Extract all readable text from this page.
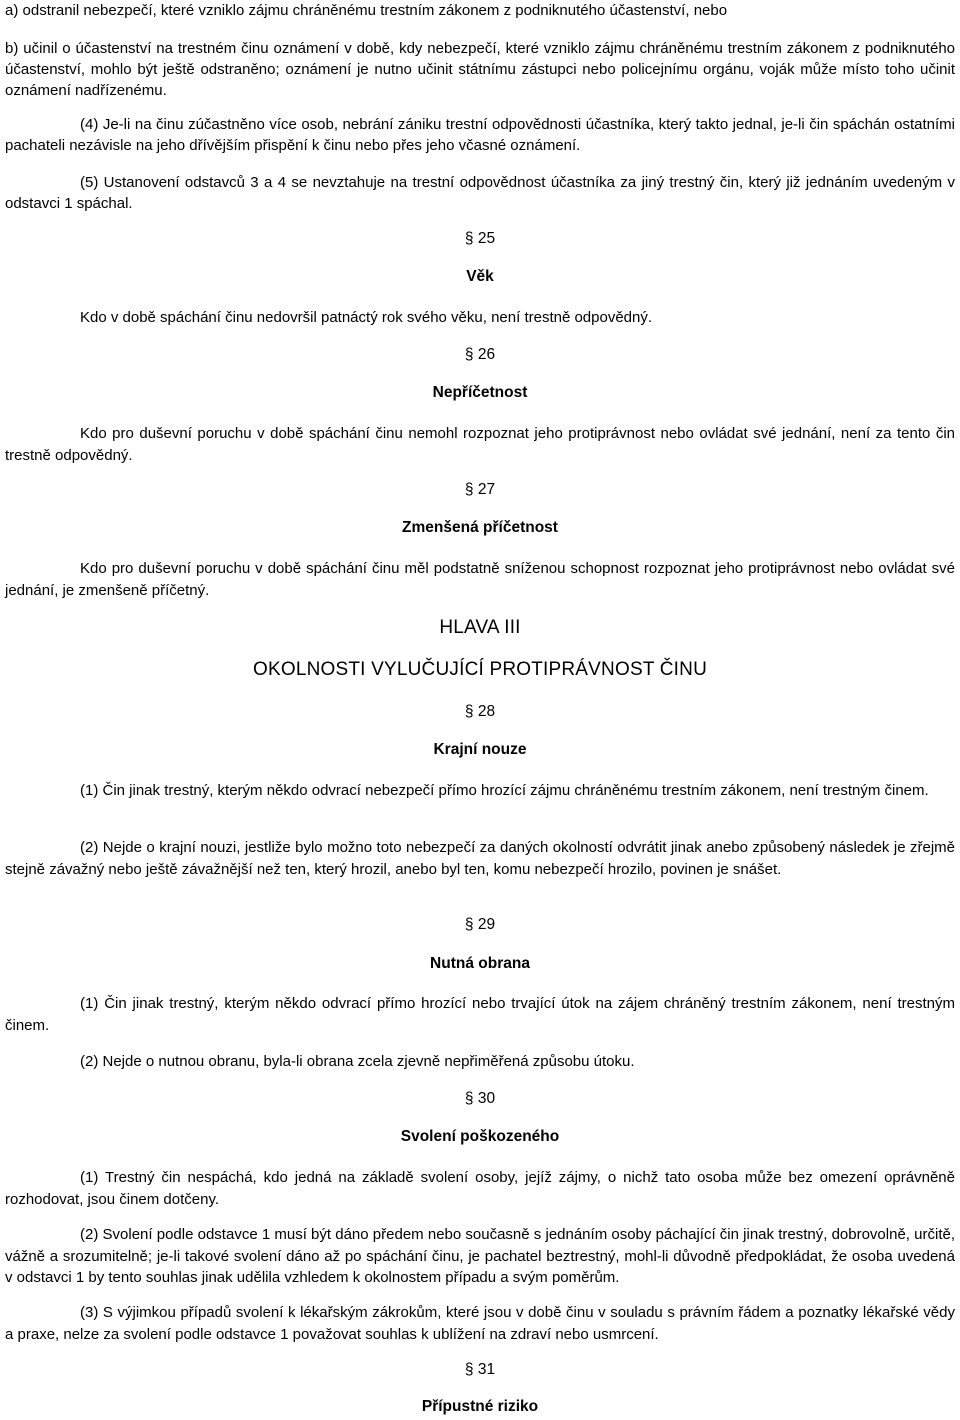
a) odstranil nebezpečí, které vzniklo zájmu chráněnému trestním zákonem z podniknutého účastenství, nebo

b) učinil o účastenství na trestném činu oznámení v době, kdy nebezpečí, které vzniklo zájmu chráněnému trestním zákonem z podniknutého účastenství, mohlo být ještě odstraněno; oznámení je nutno učinit státnímu zástupci nebo policejnímu orgánu, voják může místo toho učinit oznámení nadřízenému.

(4) Je-li na činu zúčastněno více osob, nebrání zániku trestní odpovědnosti účastníka, který takto jednal, je-li čin spáchán ostatními pachateli nezávisle na jeho dřívějším přispění k činu nebo přes jeho včasné oznámení.

(5) Ustanovení odstavců 3 a 4 se nevztahuje na trestní odpovědnost účastníka za jiný trestný čin, který již jednáním uvedeným v odstavci 1 spáchal.

§ 25

Věk

Kdo v době spáchání činu nedovršil patnáctý rok svého věku, není trestně odpovědný.

§ 26

Nepříčetnost

Kdo pro duševní poruchu v době spáchání činu nemohl rozpoznat jeho protiprávnost nebo ovládat své jednání, není za tento čin trestně odpovědný.

§ 27

Zmenšená příčetnost

Kdo pro duševní poruchu v době spáchání činu měl podstatně sníženou schopnost rozpoznat jeho protiprávnost nebo ovládat své jednání, je zmenšeně příčetný.

HLAVA III

OKOLNOSTI VYLUČUJÍCÍ PROTIPRÁVNOST ČINU

§ 28

Krajní nouze

(1) Čin jinak trestný, kterým někdo odvrací nebezpečí přímo hrozící zájmu chráněnému trestním zákonem, není trestným činem.

(2) Nejde o krajní nouzi, jestliže bylo možno toto nebezpečí za daných okolností odvrátit jinak anebo způsobený následek je zřejmě stejně závažný nebo ještě závažnější než ten, který hrozil, anebo byl ten, komu nebezpečí hrozilo, povinen je snášet.

§ 29

Nutná obrana

(1) Čin jinak trestný, kterým někdo odvrací přímo hrozící nebo trvající útok na zájem chráněný trestním zákonem, není trestným činem.

(2) Nejde o nutnou obranu, byla-li obrana zcela zjevně nepřiměřená způsobu útoku.

§ 30

Svolení poškozeného

(1) Trestný čin nespáchá, kdo jedná na základě svolení osoby, jejíž zájmy, o nichž tato osoba může bez omezení oprávněně rozhodovat, jsou činem dotčeny.

(2) Svolení podle odstavce 1 musí být dáno předem nebo současně s jednáním osoby páchající čin jinak trestný, dobrovolně, určitě, vážně a srozumitelně; je-li takové svolení dáno až po spáchání činu, je pachatel beztrestný, mohl-li důvodně předpokládat, že osoba uvedená v odstavci 1 by tento souhlas jinak udělila vzhledem k okolnostem případu a svým poměrům.

(3) S výjimkou případů svolení k lékařským zákrokům, které jsou v době činu v souladu s právním řádem a poznatky lékařské vědy a praxe, nelze za svolení podle odstavce 1 považovat souhlas k ublížení na zdraví nebo usmrcení.

§ 31

Přípustné riziko
